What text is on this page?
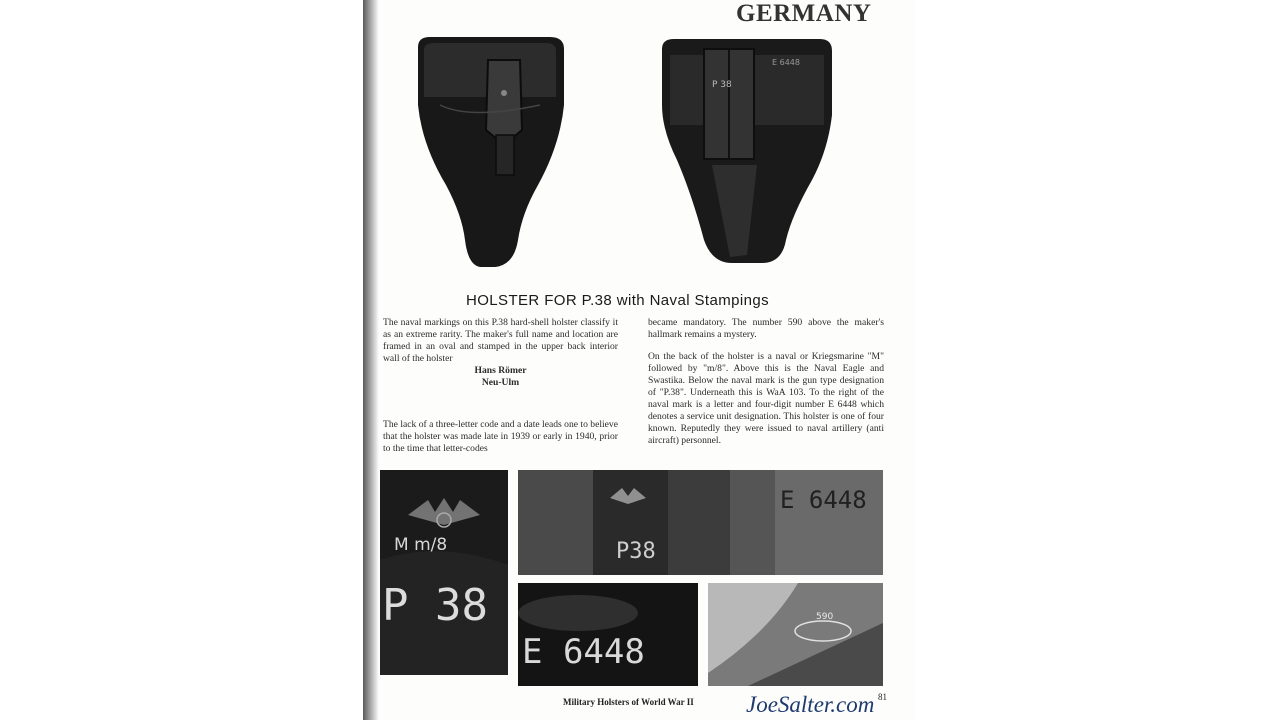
GERMANY
P 38
E 6448
HOLSTER FOR P.38 with Naval Stampings

The naval markings on this P.38 hard-shell holster classify it as an extreme rarity. The maker's full name and location are framed in an oval and stamped in the upper back interior wall of the holster

Hans Römer

Neu-Ulm

The lack of a three-letter code and a date leads one to believe that the holster was made late in 1939 or early in 1940, prior to the time that letter-codes

became mandatory. The number 590 above the maker's hallmark remains a mystery.

On the back of the holster is a naval or Kriegsmarine "M" followed by "m/8". Above this is the Naval Eagle and Swastika. Below the naval mark is the gun type designation of "P.38". Underneath this is WaA 103. To the right of the naval mark is a letter and four-digit number E 6448 which denotes a service unit designation. This holster is one of four known. Reputedly they were issued to naval artillery (anti aircraft) personnel.

M m/8
P 38
P38
E 6448
E 6448
590
Military Holsters of World War II	81
JoeSalter.com
